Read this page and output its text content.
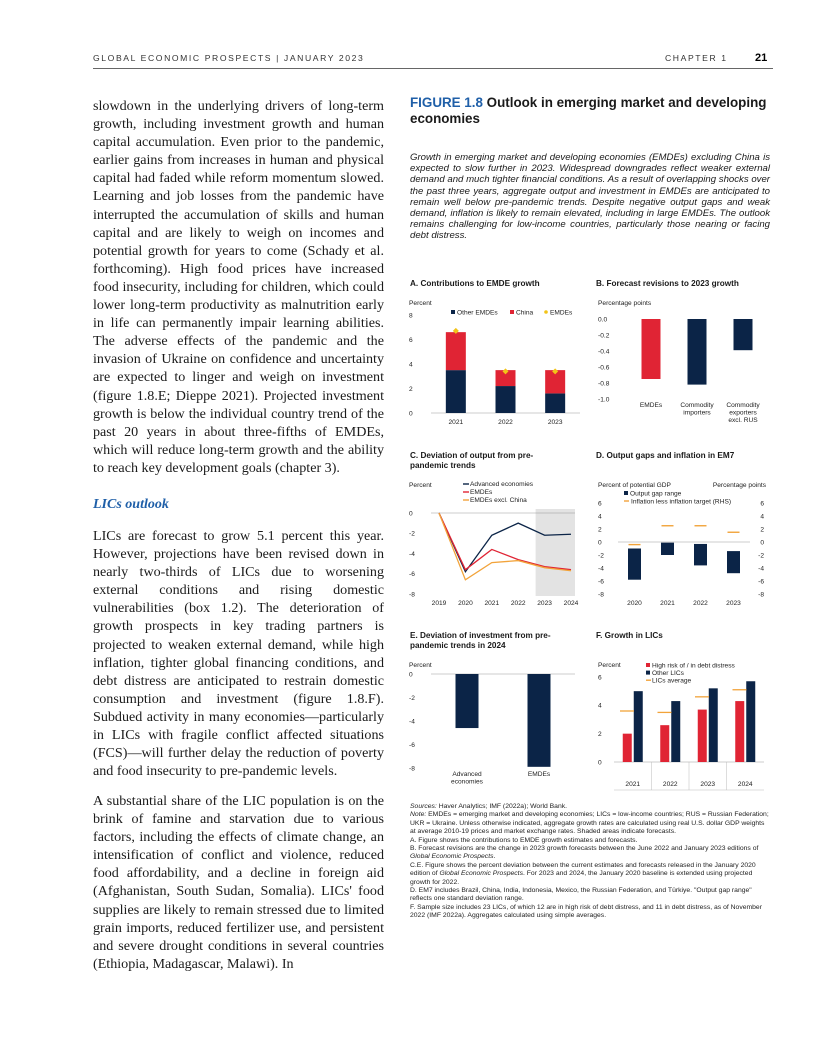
GLOBAL ECONOMIC PROSPECTS | JANUARY 2023	CHAPTER 1 21

slowdown in the underlying drivers of long-term growth, including investment growth and human capital accumulation. Even prior to the pandemic, earlier gains from increases in human and physical capital had faded while reform momentum slowed. Learning and job losses from the pandemic have interrupted the accumulation of skills and human capital and are likely to weigh on incomes and potential growth for years to come (Schady et al. forthcoming). High food prices have increased food insecurity, including for children, which could lower long-term productivity as malnutrition early in life can permanently impair learning abilities. The adverse effects of the pandemic and the invasion of Ukraine on confidence and uncertainty are expected to linger and weigh on investment (figure 1.8.E; Dieppe 2021). Projected investment growth is below the individual country trend of the past 20 years in about three-fifths of EMDEs, which will reduce long-term growth and the ability to reach key development goals (chapter 3).

LICs outlook

LICs are forecast to grow 5.1 percent this year. However, projections have been revised down in nearly two-thirds of LICs due to worsening external conditions and rising domestic vulnerabilities (box 1.2). The deterioration of growth prospects in key trading partners is projected to weaken external demand, while high inflation, tighter global financing conditions, and debt distress are anticipated to restrain domestic consumption and investment (figure 1.8.F). Subdued activity in many economies—particularly in LICs with fragile conflict affected situations (FCS)—will further delay the reduction of poverty and food insecurity to pre-pandemic levels.

A substantial share of the LIC population is on the brink of famine and starvation due to various factors, including the effects of climate change, an intensification of conflict and violence, reduced food affordability, and a decline in foreign aid (Afghanistan, South Sudan, Somalia). LICs' food supplies are likely to remain stressed due to limited grain imports, reduced fertilizer use, and persistent and severe drought conditions in several countries (Ethiopia, Madagascar, Malawi). In

FIGURE 1.8 Outlook in emerging market and developing economies
Growth in emerging market and developing economies (EMDEs) excluding China is expected to slow further in 2023. Widespread downgrades reflect weaker external demand and much tighter financial conditions. As a result of overlapping shocks over the past three years, aggregate output and investment in EMDEs are anticipated to remain well below pre-pandemic trends. Despite negative output gaps and weak demand, inflation is likely to remain elevated, including in large EMDEs. The outlook remains challenging for low-income countries, particularly those nearing or facing debt distress.
A. Contributions to EMDE growth	B. Forecast revisions to 2023 growth
C. Deviation of output from pre-pandemic trends
D. Output gaps and inflation in EM7
E. Deviation of investment from pre-pandemic trends in 2024
F. Growth in LICs
Percent
0
2
4
6
8	Other EMDEs	China	EMDEs
2021	2022	2023
Percentage points
0.0
-0.2
-0.4
-0.6
-0.8
-1.0
EMDEs	Commodity
importers
Commodity
exporters
excl. RUS
Percent
0
-2
-4
-6
-8
Advanced economies
EMDEs
EMDEs excl. China
2019 2020 2021 2022 2023 2024
Percent of potential GDP	Percentage points
6	6
4	4
2	2
0	0
-2	-2
-4	-4
-6	-6
-8	-8
Output gap range
Inflation less inflation target (RHS)
2020	2021	2022	2023
Percent
0
-2
-4
-6
-8
Advanced
economies
EMDEs
Percent
0
2
4
6
High risk of / in debt distress
Other LICs
LICs average
2021	2022	2023	2024

Sources: Haver Analytics; IMF (2022a); World Bank.

Note: EMDEs = emerging market and developing economies; LICs = low-income countries; RUS = Russian Federation; UKR = Ukraine. Unless otherwise indicated, aggregate growth rates are calculated using real U.S. dollar GDP weights at average 2010-19 prices and market exchange rates. Shaded areas indicate forecasts.

A. Figure shows the contributions to EMDE growth estimates and forecasts.

B. Forecast revisions are the change in 2023 growth forecasts between the June 2022 and January 2023 editions of Global Economic Prospects.

C.E. Figure shows the percent deviation between the current estimates and forecasts released in the January 2020 edition of Global Economic Prospects. For 2023 and 2024, the January 2020 baseline is extended using projected growth for 2022.

D. EM7 includes Brazil, China, India, Indonesia, Mexico, the Russian Federation, and Türkiye. "Output gap range" reflects one standard deviation range.

F. Sample size includes 23 LICs, of which 12 are in high risk of debt distress, and 11 in debt distress, as of November 2022 (IMF 2022a). Aggregates calculated using simple averages.
